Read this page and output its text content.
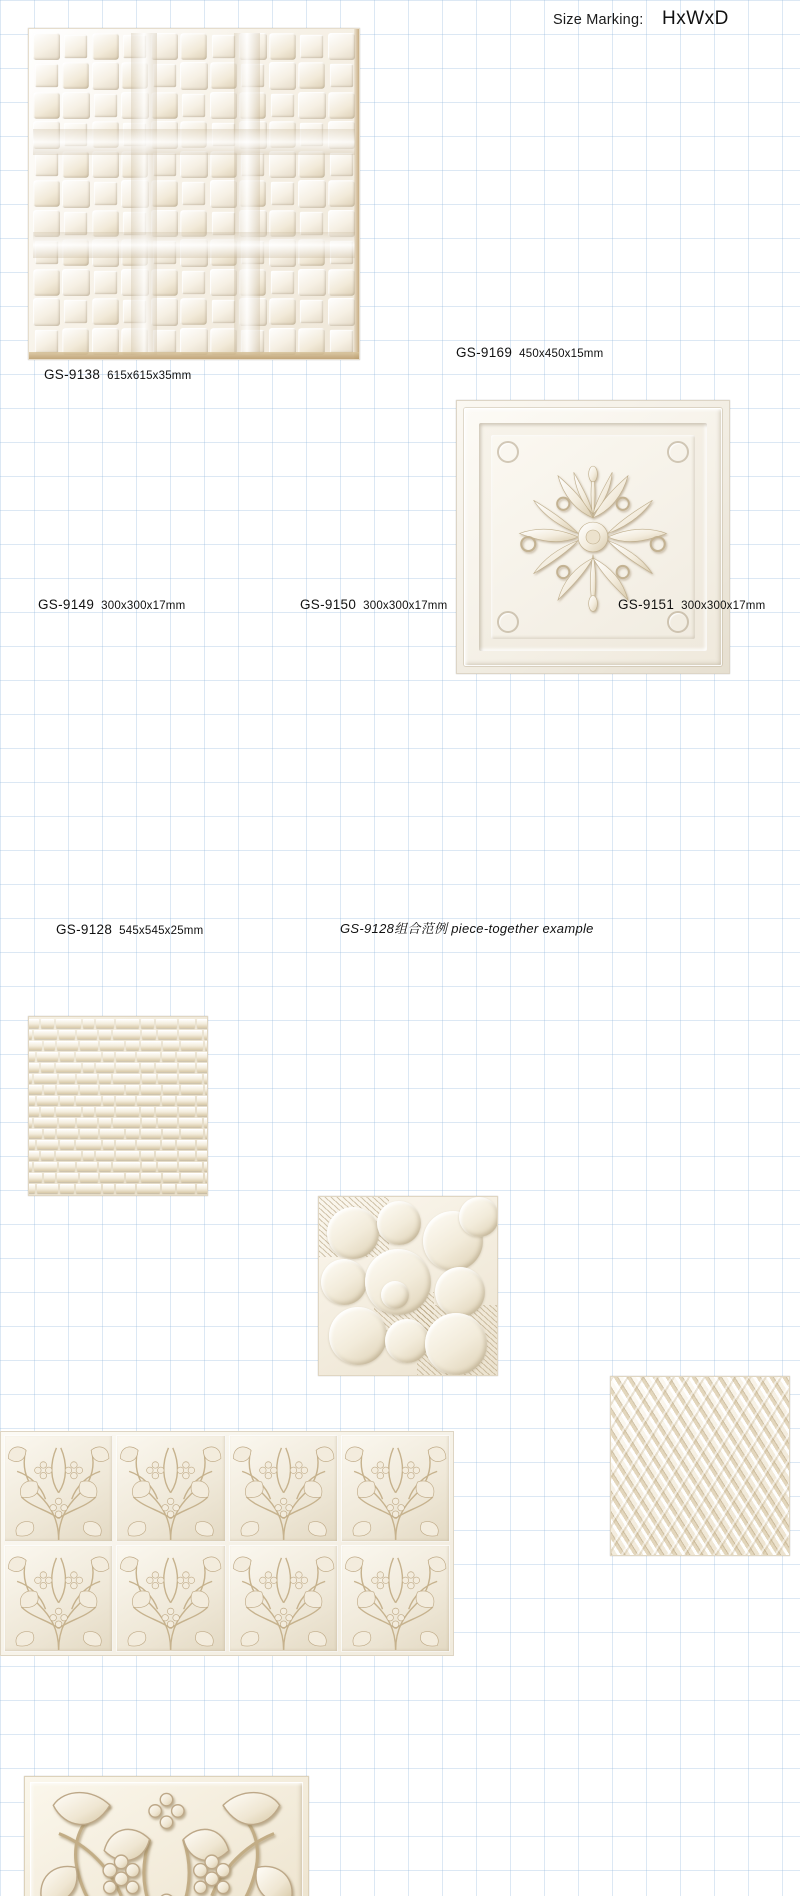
Size Marking: HxWxD
GS-9138 615x615x35mm
GS-9169 450x450x15mm
GS-9149 300x300x17mm	GS-9150 300x300x17mm	GS-9151 300x300x17mm
GS-9128 545x545x25mm	GS-9128组合范例 piece-together example
